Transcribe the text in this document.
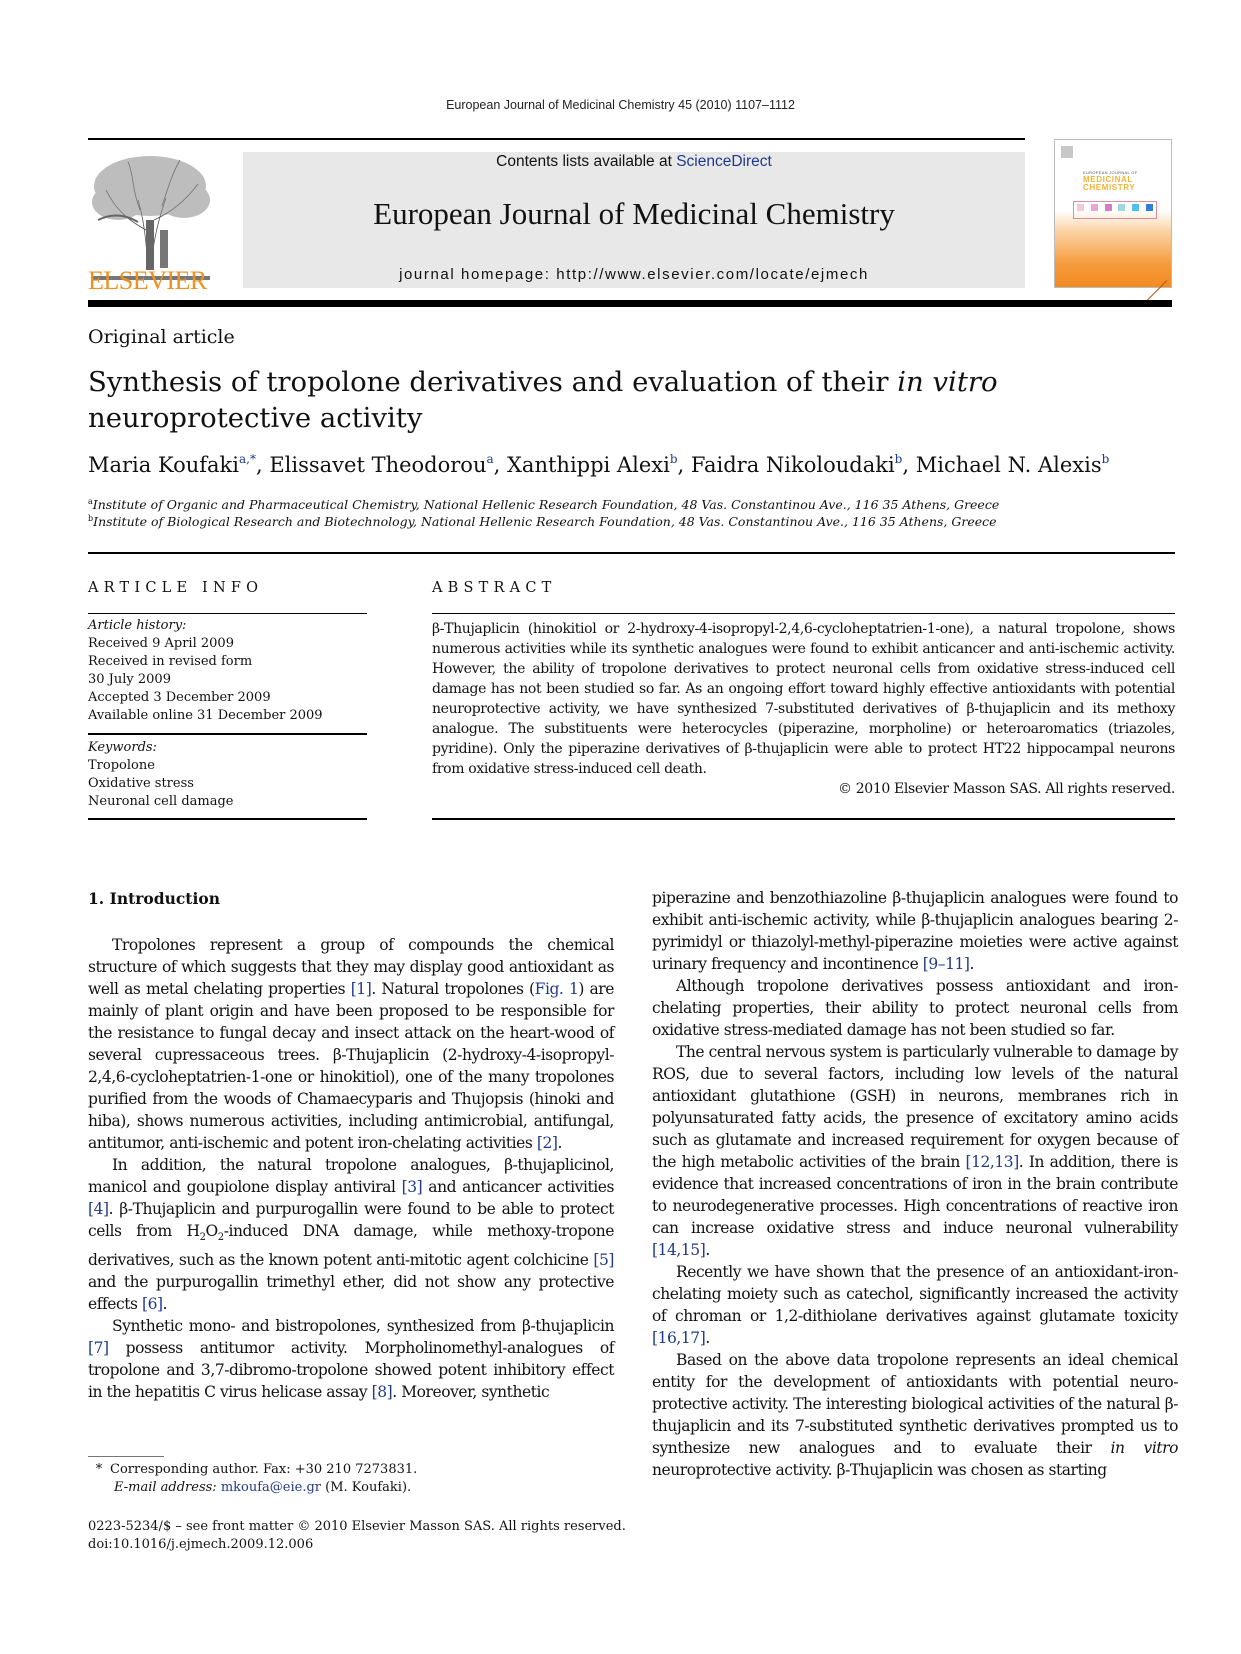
European Journal of Medicinal Chemistry 45 (2010) 1107–1112
ELSEVIER
Contents lists available at ScienceDirect
European Journal of Medicinal Chemistry
journal homepage: http://www.elsevier.com/locate/ejmech
EUROPEAN JOURNAL OF
MEDICINAL
CHEMISTRY
Original article
Synthesis of tropolone derivatives and evaluation of their in vitro
neuroprotective activity
Maria Koufaki$^{a,*}$, Elissavet Theodorou$^a$, Xanthippi Alexi$^b$, Faidra Nikoloudaki$^b$, Michael N. Alexis$^b$
$^a$Institute of Organic and Pharmaceutical Chemistry, National Hellenic Research Foundation, 48 Vas. Constantinou Ave., 116 35 Athens, Greece
$^b$Institute of Biological Research and Biotechnology, National Hellenic Research Foundation, 48 Vas. Constantinou Ave., 116 35 Athens, Greece
ARTICLE INFO
Article history:
Received 9 April 2009
Received in revised form
30 July 2009
Accepted 3 December 2009
Available online 31 December 2009
Keywords:
Tropolone
Oxidative stress
Neuronal cell damage
ABSTRACT
β-Thujaplicin (hinokitiol or 2-hydroxy-4-isopropyl-2,4,6-cycloheptatrien-1-one), a natural tropolone, shows numerous activities while its synthetic analogues were found to exhibit anticancer and anti-ischemic activity. However, the ability of tropolone derivatives to protect neuronal cells from oxidative stress-induced cell damage has not been studied so far. As an ongoing effort toward highly effective antioxidants with potential neuroprotective activity, we have synthesized 7-substituted derivatives of β-thujaplicin and its methoxy analogue. The substituents were heterocycles (piperazine, morpholine) or heteroaromatics (triazoles, pyridine). Only the piperazine derivatives of β-thujaplicin were able to protect HT22 hippocampal neurons from oxidative stress-induced cell death.
© 2010 Elsevier Masson SAS. All rights reserved.
1. Introduction

Tropolones represent a group of compounds the chemical structure of which suggests that they may display good antioxidant as well as metal chelating properties [1]. Natural tropolones (Fig. 1) are mainly of plant origin and have been proposed to be responsible for the resistance to fungal decay and insect attack on the heart-wood of several cupressaceous trees. β-Thujaplicin (2-hydroxy-4-isopropyl-2,4,6-cycloheptatrien-1-one or hinokitiol), one of the many tropolones purified from the woods of Chamaecyparis and Thujopsis (hinoki and hiba), shows numerous activities, including antimicrobial, antifungal, antitumor, anti-ischemic and potent iron-chelating activities [2].

In addition, the natural tropolone analogues, β-thujaplicinol, manicol and goupiolone display antiviral [3] and anticancer activities [4]. β-Thujaplicin and purpurogallin were found to be able to protect cells from $H_2O_2$-induced DNA damage, while methoxy-tropone derivatives, such as the known potent anti-mitotic agent colchicine [5] and the purpurogallin trimethyl ether, did not show any protective effects [6].

Synthetic mono- and bistropolones, synthesized from β-thujaplicin [7] possess antitumor activity. Morpholinomethyl-analogues of tropolone and 3,7-dibromo-tropolone showed potent inhibitory effect in the hepatitis C virus helicase assay [8]. Moreover, synthetic

piperazine and benzothiazoline β-thujaplicin analogues were found to exhibit anti-ischemic activity, while β-thujaplicin analogues bearing 2-pyrimidyl or thiazolyl-methyl-piperazine moieties were active against urinary frequency and incontinence [9–11].

Although tropolone derivatives possess antioxidant and iron-chelating properties, their ability to protect neuronal cells from oxidative stress-mediated damage has not been studied so far.

The central nervous system is particularly vulnerable to damage by ROS, due to several factors, including low levels of the natural antioxidant glutathione (GSH) in neurons, membranes rich in polyunsaturated fatty acids, the presence of excitatory amino acids such as glutamate and increased requirement for oxygen because of the high metabolic activities of the brain [12,13]. In addition, there is evidence that increased concentrations of iron in the brain contribute to neurodegenerative processes. High concentrations of reactive iron can increase oxidative stress and induce neuronal vulnerability [14,15].

Recently we have shown that the presence of an antioxidant-iron-chelating moiety such as catechol, significantly increased the activity of chroman or 1,2-dithiolane derivatives against glutamate toxicity [16,17].

Based on the above data tropolone represents an ideal chemical entity for the development of antioxidants with potential neuro-protective activity. The interesting biological activities of the natural β-thujaplicin and its 7-substituted synthetic derivatives prompted us to synthesize new analogues and to evaluate their in vitro neuroprotective activity. β-Thujaplicin was chosen as starting

* Corresponding author. Fax: +30 210 7273831.
E-mail address: mkoufa@eie.gr (M. Koufaki).
0223-5234/$ – see front matter © 2010 Elsevier Masson SAS. All rights reserved.
doi:10.1016/j.ejmech.2009.12.006
